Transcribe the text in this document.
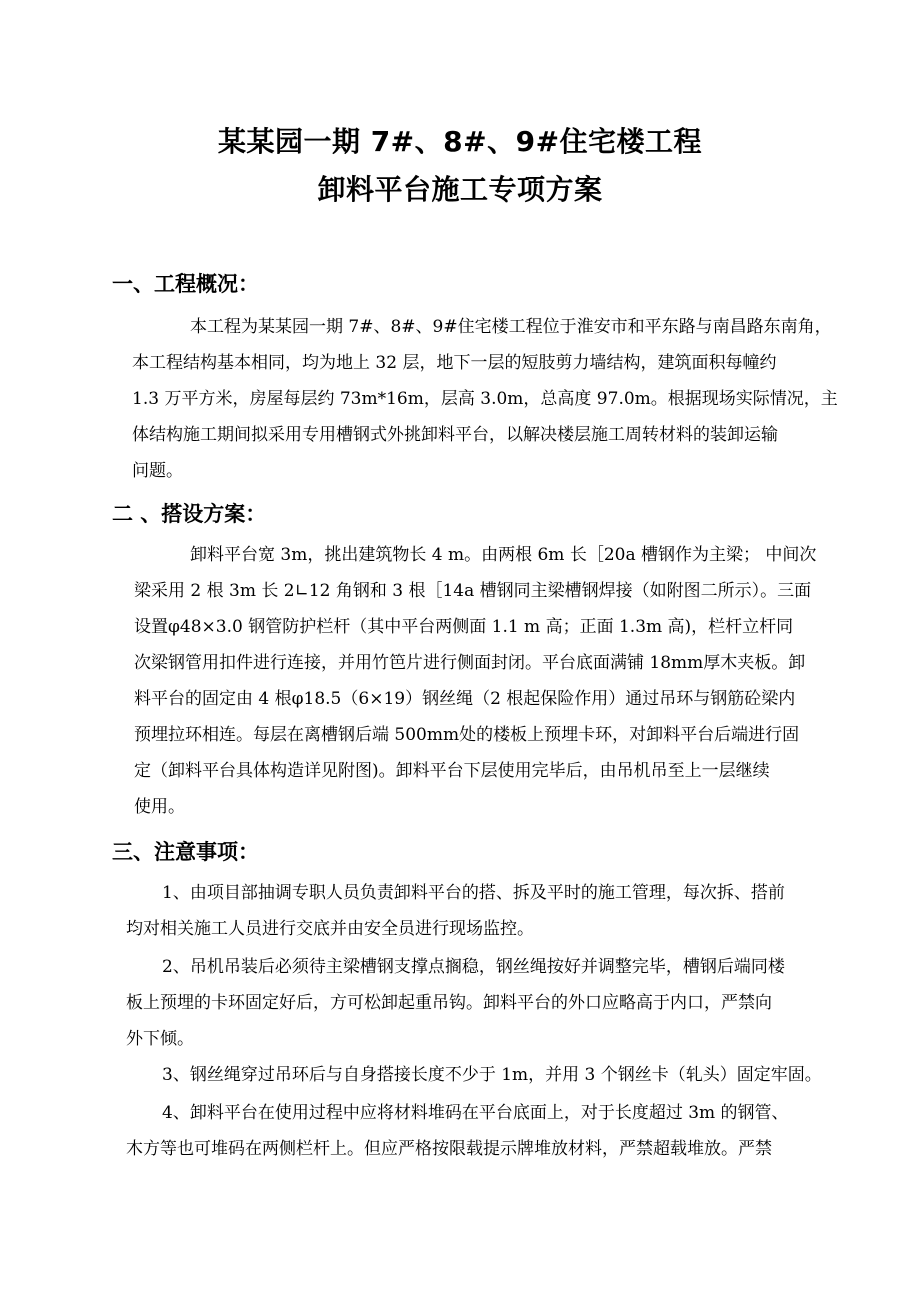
某某园一期 7#、8#、9#住宅楼工程
卸料平台施工专项方案
一、工程概况：
本工程为某某园一期 7#、8#、9#住宅楼工程位于淮安市和平东路与南昌路东南角，
本工程结构基本相同，均为地上 32 层，地下一层的短肢剪力墙结构，建筑面积每幢约
1.3 万平方米，房屋每层约 73m*16m，层高 3.0m，总高度 97.0m。根据现场实际情况，主
体结构施工期间拟采用专用槽钢式外挑卸料平台，以解决楼层施工周转材料的装卸运输
问题。
二 、搭设方案：
卸料平台宽 3m，挑出建筑物长 4 m。由两根 6m 长［20a 槽钢作为主梁； 中间次
梁采用 2 根 3m 长 2∟12 角钢和 3 根［14a 槽钢同主梁槽钢焊接（如附图二所示）。三面
设置φ48×3.0 钢管防护栏杆（其中平台两侧面 1.1 m 高；正面 1.3m 高)，栏杆立杆同
次梁钢管用扣件进行连接，并用竹笆片进行侧面封闭。平台底面满铺 18mm厚木夹板。卸
料平台的固定由 4 根φ18.5（6×19）钢丝绳（2 根起保险作用）通过吊环与钢筋砼梁内
预埋拉环相连。每层在离槽钢后端 500mm处的楼板上预埋卡环，对卸料平台后端进行固
定（卸料平台具体构造详见附图)。卸料平台下层使用完毕后，由吊机吊至上一层继续
使用。
三、注意事项：
1、由项目部抽调专职人员负责卸料平台的搭、拆及平时的施工管理，每次拆、搭前
均对相关施工人员进行交底并由安全员进行现场监控。
2、吊机吊装后必须待主梁槽钢支撑点搁稳，钢丝绳按好并调整完毕，槽钢后端同楼
板上预埋的卡环固定好后，方可松卸起重吊钩。卸料平台的外口应略高于内口，严禁向
外下倾。
3、钢丝绳穿过吊环后与自身搭接长度不少于 1m，并用 3 个钢丝卡（轧头）固定牢固。
4、卸料平台在使用过程中应将材料堆码在平台底面上，对于长度超过 3m 的钢管、
木方等也可堆码在两侧栏杆上。但应严格按限载提示牌堆放材料，严禁超载堆放。严禁
